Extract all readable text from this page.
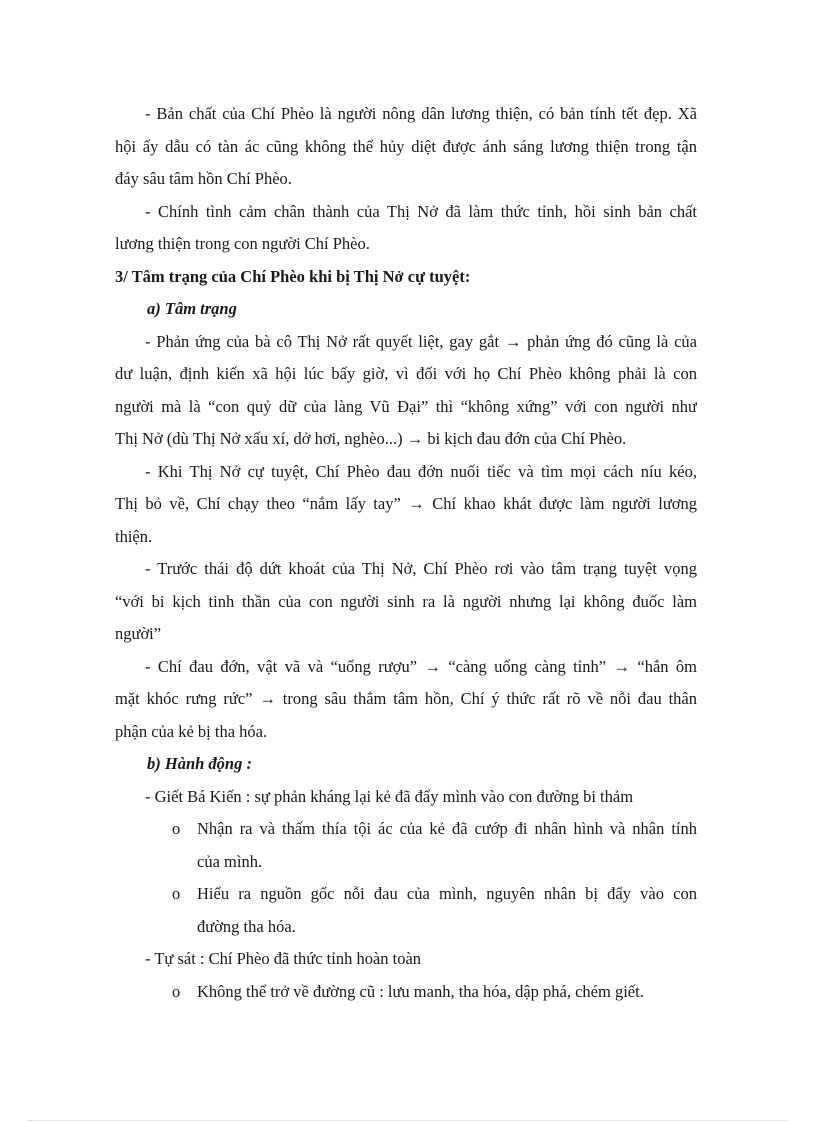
- Bản chất của Chí Phèo là người nông dân lương thiện, có bản tính tết đẹp. Xã
hội ấy dẫu có tàn ác cũng không thể hủy diệt được ánh sáng lương thiện trong tận
đáy sâu tâm hồn Chí Phèo.
- Chính tình cảm chân thành của Thị Nở đã làm thức tỉnh, hồi sinh bản chất
lương thiện trong con người Chí Phèo.
3/ Tâm trạng của Chí Phèo khi bị Thị Nở cự tuyệt:
a) Tâm trạng
- Phản ứng của bà cô Thị Nở rất quyết liệt, gay gắt → phản ứng đó cũng là của
dư luận, định kiến xã hội lúc bấy giờ, vì đối với họ Chí Phèo không phải là con
người mà là “con quỷ dữ của làng Vũ Đại” thì “không xứng” với con người như
Thị Nở (dù Thị Nở xấu xí, dở hơi, nghèo...) → bi kịch đau đớn của Chí Phèo.
- Khi Thị Nở cự tuyệt, Chí Phèo đau đớn nuối tiếc và tìm mọi cách níu kéo,
Thị bỏ về, Chí chạy theo “nắm lấy tay” → Chí khao khát được làm người lương
thiện.
- Trước thái độ dứt khoát của Thị Nở, Chí Phèo rơi vào tâm trạng tuyệt vọng
“với bi kịch tinh thần của con người sinh ra là người nhưng lại không đuốc làm
người”
- Chí đau đớn, vật vã và “uống rượu” → “càng uống càng tỉnh” → “hắn ôm
mặt khóc rưng rức” → trong sâu thẳm tâm hồn, Chí ý thức rất rõ về nỗi đau thân
phận của kẻ bị tha hóa.
b) Hành động :
- Giết Bá Kiến : sự phản kháng lại kẻ đã đẩy mình vào con đường bi thảm
o Nhận ra và thấm thía tội ác của kẻ đã cướp đi nhân hình và nhân tính
của mình.
o Hiểu ra nguồn gốc nỗi đau của mình, nguyên nhân bị đẩy vào con
đường tha hóa.
- Tự sát : Chí Phèo đã thức tỉnh hoàn toàn
o Không thể trở về đường cũ : lưu manh, tha hóa, dập phá, chém giết.
